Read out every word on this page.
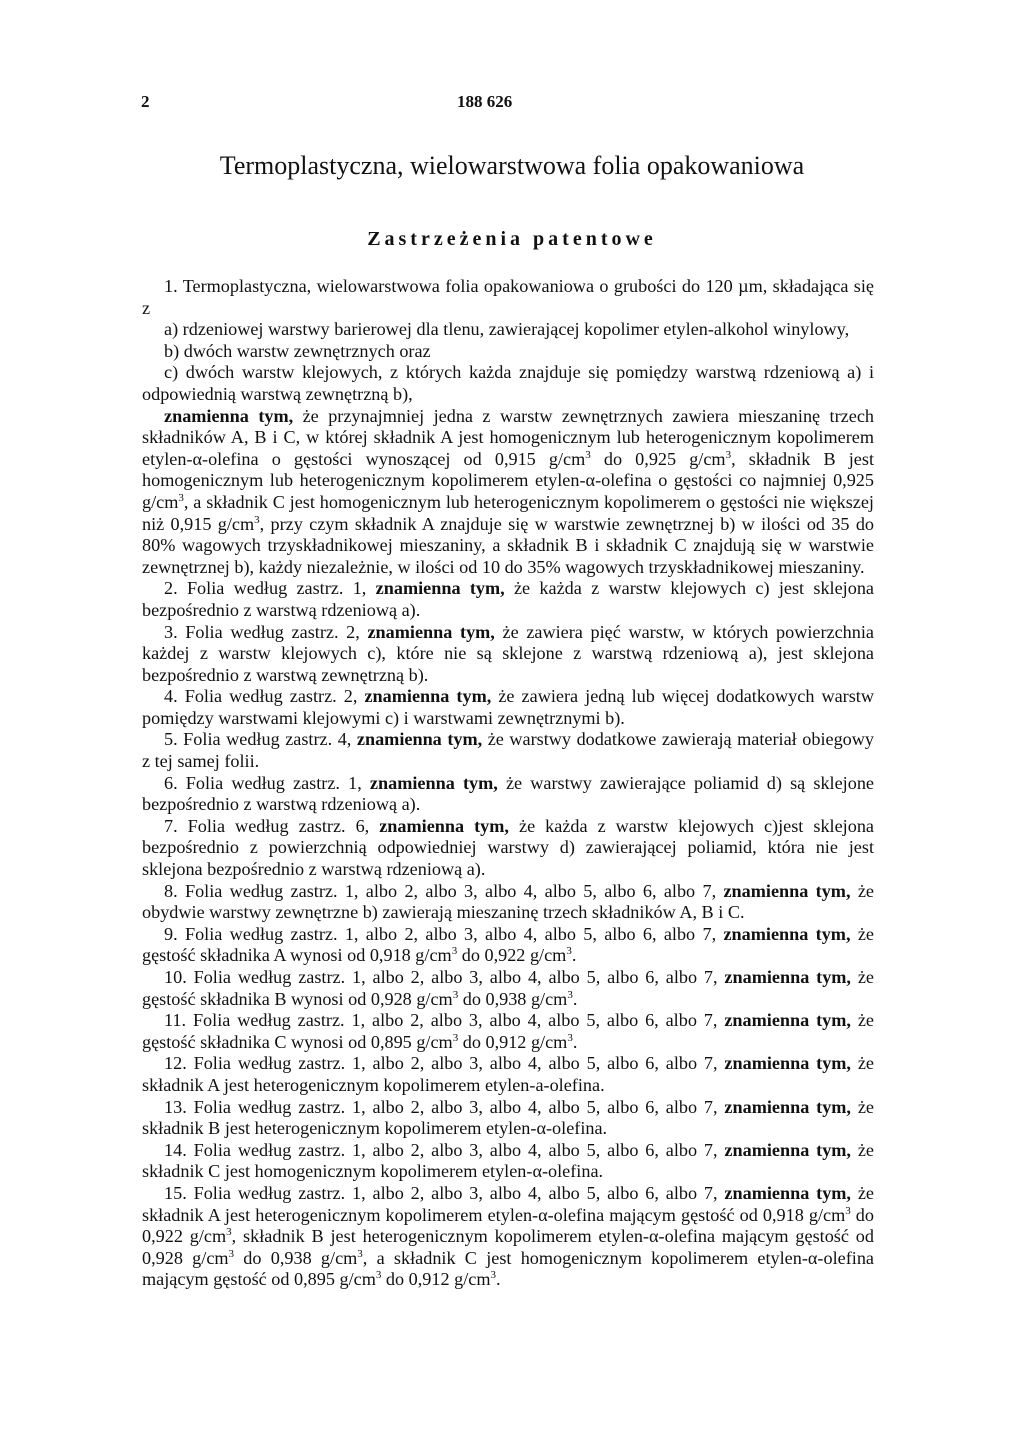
2	188 626
Termoplastyczna, wielowarstwowa folia opakowaniowa
Zastrzeżenia patentowe

1. Termoplastyczna, wielowarstwowa folia opakowaniowa o grubości do 120 µm, składająca się z

a) rdzeniowej warstwy barierowej dla tlenu, zawierającej kopolimer etylen-alkohol winylowy,

b) dwóch warstw zewnętrznych oraz

c) dwóch warstw klejowych, z których każda znajduje się pomiędzy warstwą rdzeniową a) i odpowiednią warstwą zewnętrzną b),

znamienna tym, że przynajmniej jedna z warstw zewnętrznych zawiera mieszaninę trzech składników A, B i C, w której składnik A jest homogenicznym lub heterogenicznym kopolimerem etylen-α-olefina o gęstości wynoszącej od 0,915 $g/cm^3$ do 0,925 $g/cm^3$, składnik B jest homogenicznym lub heterogenicznym kopolimerem etylen-α-olefina o gęstości co najmniej 0,925 $g/cm^3$, a składnik C jest homogenicznym lub heterogenicznym kopolimerem o gęstości nie większej niż 0,915 $g/cm^3$, przy czym składnik A znajduje się w warstwie zewnętrznej b) w ilości od 35 do 80% wagowych trzyskładnikowej mieszaniny, a składnik B i składnik C znajdują się w warstwie zewnętrznej b), każdy niezależnie, w ilości od 10 do 35% wagowych trzyskładnikowej mieszaniny.

2. Folia według zastrz. 1, znamienna tym, że każda z warstw klejowych c) jest sklejona bezpośrednio z warstwą rdzeniową a).

3. Folia według zastrz. 2, znamienna tym, że zawiera pięć warstw, w których powierzchnia każdej z warstw klejowych c), które nie są sklejone z warstwą rdzeniową a), jest sklejona bezpośrednio z warstwą zewnętrzną b).

4. Folia według zastrz. 2, znamienna tym, że zawiera jedną lub więcej dodatkowych warstw pomiędzy warstwami klejowymi c) i warstwami zewnętrznymi b).

5. Folia według zastrz. 4, znamienna tym, że warstwy dodatkowe zawierają materiał obiegowy z tej samej folii.

6. Folia według zastrz. 1, znamienna tym, że warstwy zawierające poliamid d) są sklejone bezpośrednio z warstwą rdzeniową a).

7. Folia według zastrz. 6, znamienna tym, że każda z warstw klejowych c)jest sklejona bezpośrednio z powierzchnią odpowiedniej warstwy d) zawierającej poliamid, która nie jest sklejona bezpośrednio z warstwą rdzeniową a).

8. Folia według zastrz. 1, albo 2, albo 3, albo 4, albo 5, albo 6, albo 7, znamienna tym, że obydwie warstwy zewnętrzne b) zawierają mieszaninę trzech składników A, B i C.

9. Folia według zastrz. 1, albo 2, albo 3, albo 4, albo 5, albo 6, albo 7, znamienna tym, że gęstość składnika A wynosi od 0,918 $g/cm^3$ do 0,922 $g/cm^3$.

10. Folia według zastrz. 1, albo 2, albo 3, albo 4, albo 5, albo 6, albo 7, znamienna tym, że gęstość składnika B wynosi od 0,928 $g/cm^3$ do 0,938 $g/cm^3$.

11. Folia według zastrz. 1, albo 2, albo 3, albo 4, albo 5, albo 6, albo 7, znamienna tym, że gęstość składnika C wynosi od 0,895 $g/cm^3$ do 0,912 $g/cm^3$.

12. Folia według zastrz. 1, albo 2, albo 3, albo 4, albo 5, albo 6, albo 7, znamienna tym, że składnik A jest heterogenicznym kopolimerem etylen-a-olefina.

13. Folia według zastrz. 1, albo 2, albo 3, albo 4, albo 5, albo 6, albo 7, znamienna tym, że składnik B jest heterogenicznym kopolimerem etylen-α-olefina.

14. Folia według zastrz. 1, albo 2, albo 3, albo 4, albo 5, albo 6, albo 7, znamienna tym, że składnik C jest homogenicznym kopolimerem etylen-α-olefina.

15. Folia według zastrz. 1, albo 2, albo 3, albo 4, albo 5, albo 6, albo 7, znamienna tym, że składnik A jest heterogenicznym kopolimerem etylen-α-olefina mającym gęstość od 0,918 $g/cm^3$ do 0,922 $g/cm^3$, składnik B jest heterogenicznym kopolimerem etylen-α-olefina mającym gęstość od 0,928 $g/cm^3$ do 0,938 $g/cm^3$, a składnik C jest homogenicznym kopolimerem etylen-α-olefina mającym gęstość od 0,895 $g/cm^3$ do 0,912 $g/cm^3$.
